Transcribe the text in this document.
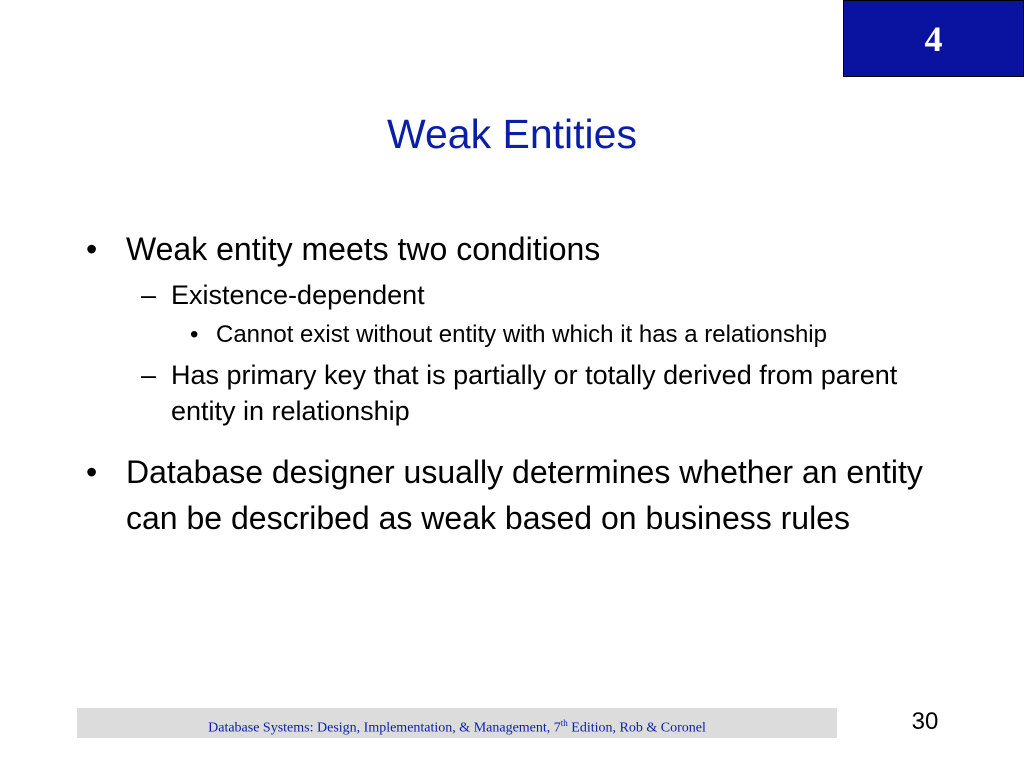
4
Weak Entities
• Weak entity meets two conditions
– Existence-dependent
• Cannot exist without entity with which it has a relationship
– Has primary key that is partially or totally derived from parent entity in relationship
• Database designer usually determines whether an entity can be described as weak based on business rules
Database Systems: Design, Implementation, & Management, 7th Edition, Rob & Coronel	30
